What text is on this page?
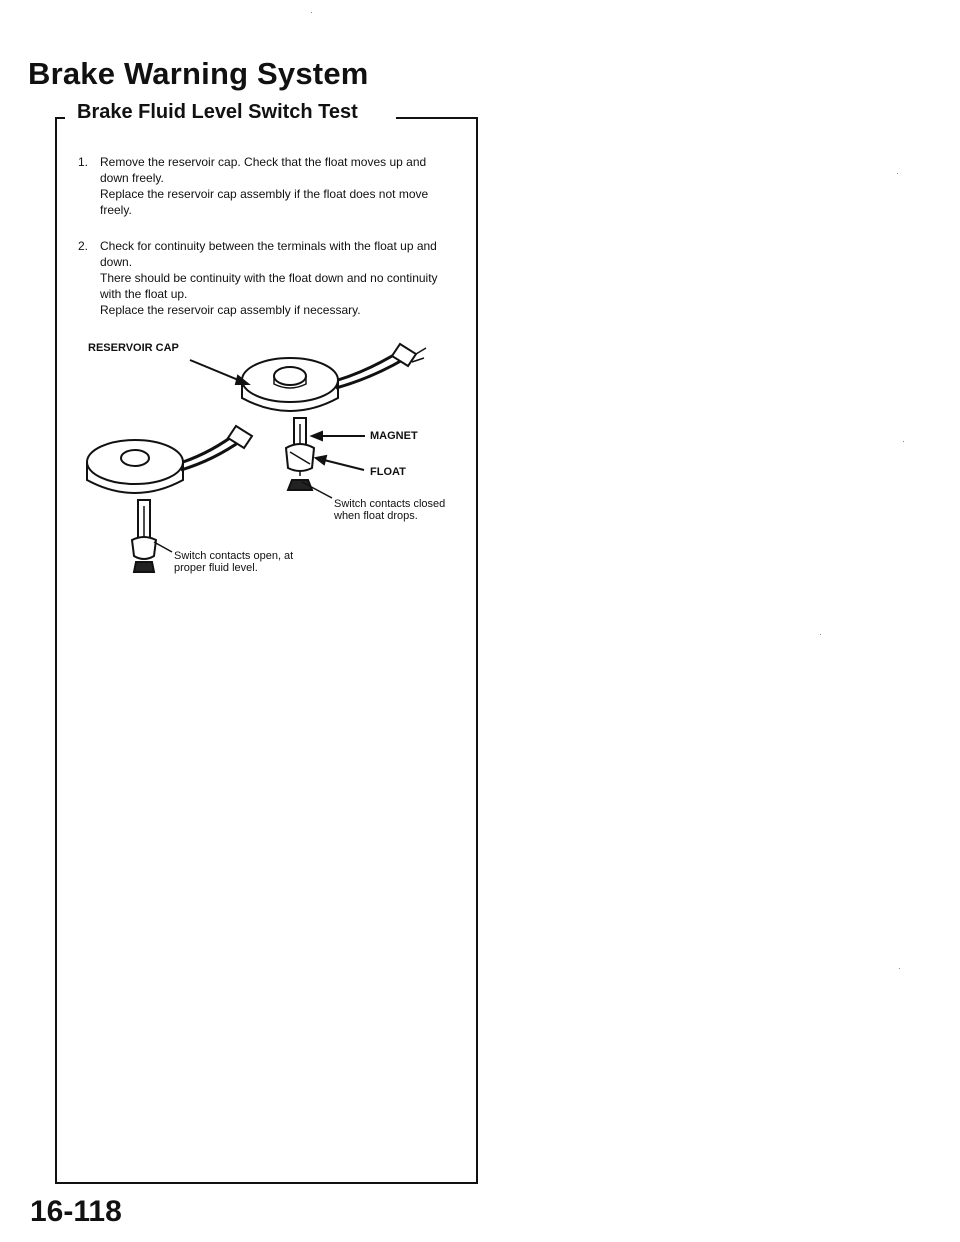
Brake Warning System
Brake Fluid Level Switch Test
1. Remove the reservoir cap. Check that the float moves up and down freely.

Replace the reservoir cap assembly if the float does not move freely.

2. Check for continuity between the terminals with the float up and down.

There should be continuity with the float down and no continuity with the float up.

Replace the reservoir cap assembly if necessary.

RESERVOIR CAP
MAGNET
FLOAT
Switch contacts closed when float drops.
Switch contacts open, at proper fluid level.
16-118
